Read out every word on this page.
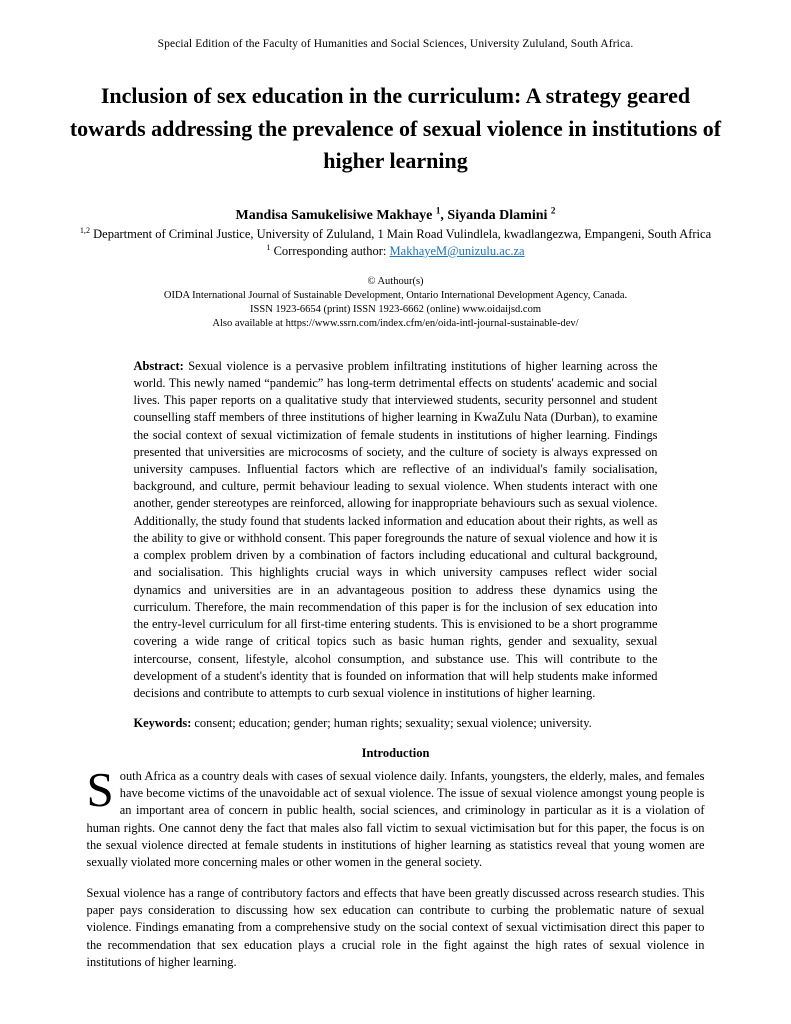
Special Edition of the Faculty of Humanities and Social Sciences, University Zululand, South Africa.
Inclusion of sex education in the curriculum: A strategy geared towards addressing the prevalence of sexual violence in institutions of higher learning
Mandisa Samukelisiwe Makhaye $^1$, Siyanda Dlamini $^2$
$^{1,2}$ Department of Criminal Justice, University of Zululand, 1 Main Road Vulindlela, kwadlangezwa, Empangeni, South Africa
$^1$ Corresponding author: MakhayeM@unizulu.ac.za
© Authour(s)
OIDA International Journal of Sustainable Development, Ontario International Development Agency, Canada.
ISSN 1923-6654 (print) ISSN 1923-6662 (online) www.oidaijsd.com
Also available at https://www.ssrn.com/index.cfm/en/oida-intl-journal-sustainable-dev/
Abstract: Sexual violence is a pervasive problem infiltrating institutions of higher learning across the world. This newly named “pandemic” has long-term detrimental effects on students' academic and social lives. This paper reports on a qualitative study that interviewed students, security personnel and student counselling staff members of three institutions of higher learning in KwaZulu Nata (Durban), to examine the social context of sexual victimization of female students in institutions of higher learning. Findings presented that universities are microcosms of society, and the culture of society is always expressed on university campuses. Influential factors which are reflective of an individual's family socialisation, background, and culture, permit behaviour leading to sexual violence. When students interact with one another, gender stereotypes are reinforced, allowing for inappropriate behaviours such as sexual violence. Additionally, the study found that students lacked information and education about their rights, as well as the ability to give or withhold consent. This paper foregrounds the nature of sexual violence and how it is a complex problem driven by a combination of factors including educational and cultural background, and socialisation. This highlights crucial ways in which university campuses reflect wider social dynamics and universities are in an advantageous position to address these dynamics using the curriculum. Therefore, the main recommendation of this paper is for the inclusion of sex education into the entry-level curriculum for all first-time entering students. This is envisioned to be a short programme covering a wide range of critical topics such as basic human rights, gender and sexuality, sexual intercourse, consent, lifestyle, alcohol consumption, and substance use. This will contribute to the development of a student's identity that is founded on information that will help students make informed decisions and contribute to attempts to curb sexual violence in institutions of higher learning.
Keywords: consent; education; gender; human rights; sexuality; sexual violence; university.
Introduction
South Africa as a country deals with cases of sexual violence daily. Infants, youngsters, the elderly, males, and females have become victims of the unavoidable act of sexual violence. The issue of sexual violence amongst young people is an important area of concern in public health, social sciences, and criminology in particular as it is a violation of human rights. One cannot deny the fact that males also fall victim to sexual victimisation but for this paper, the focus is on the sexual violence directed at female students in institutions of higher learning as statistics reveal that young women are sexually violated more concerning males or other women in the general society.
Sexual violence has a range of contributory factors and effects that have been greatly discussed across research studies. This paper pays consideration to discussing how sex education can contribute to curbing the problematic nature of sexual violence. Findings emanating from a comprehensive study on the social context of sexual victimisation direct this paper to the recommendation that sex education plays a crucial role in the fight against the high rates of sexual violence in institutions of higher learning.
